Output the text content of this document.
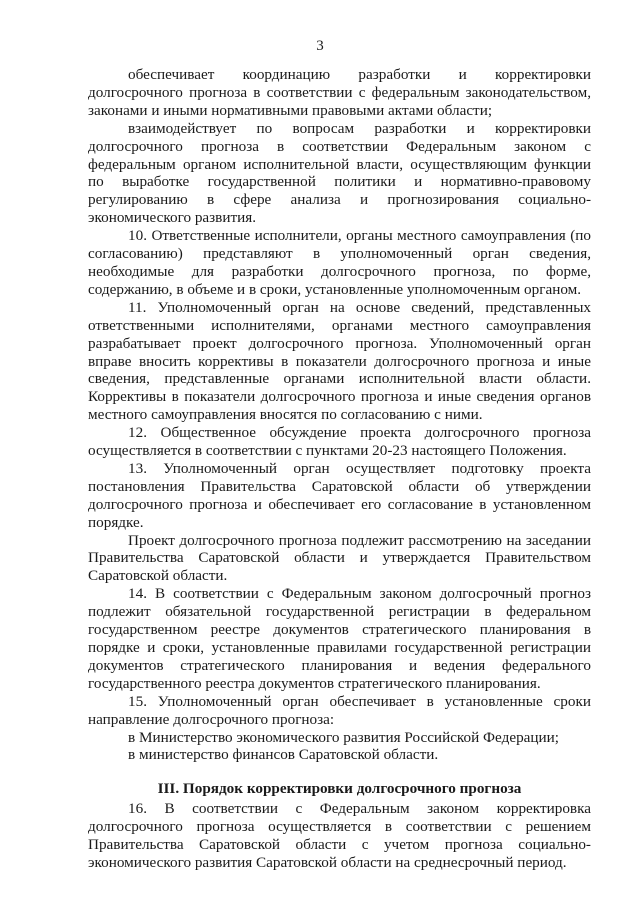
3

обеспечивает координацию разработки и корректировки долгосрочного прогноза в соответствии с федеральным законодательством, законами и иными нормативными правовыми актами области;

взаимодействует по вопросам разработки и корректировки долгосрочного прогноза в соответствии Федеральным законом с федеральным органом исполнительной власти, осуществляющим функции по выработке государственной политики и нормативно-правовому регулированию в сфере анализа и прогнозирования социально-экономического развития.

10. Ответственные исполнители, органы местного самоуправления (по согласованию) представляют в уполномоченный орган сведения, необходимые для разработки долгосрочного прогноза, по форме, содержанию, в объеме и в сроки, установленные уполномоченным органом.

11. Уполномоченный орган на основе сведений, представленных ответственными исполнителями, органами местного самоуправления разрабатывает проект долгосрочного прогноза. Уполномоченный орган вправе вносить коррективы в показатели долгосрочного прогноза и иные сведения, представленные органами исполнительной власти области. Коррективы в показатели долгосрочного прогноза и иные сведения органов местного самоуправления вносятся по согласованию с ними.

12. Общественное обсуждение проекта долгосрочного прогноза осуществляется в соответствии с пунктами 20-23 настоящего Положения.

13. Уполномоченный орган осуществляет подготовку проекта постановления Правительства Саратовской области об утверждении долгосрочного прогноза и обеспечивает его согласование в установленном порядке.

Проект долгосрочного прогноза подлежит рассмотрению на заседании Правительства Саратовской области и утверждается Правительством Саратовской области.

14. В соответствии с Федеральным законом долгосрочный прогноз подлежит обязательной государственной регистрации в федеральном государственном реестре документов стратегического планирования в порядке и сроки, установленные правилами государственной регистрации документов стратегического планирования и ведения федерального государственного реестра документов стратегического планирования.

15. Уполномоченный орган обеспечивает в установленные сроки направление долгосрочного прогноза:

в Министерство экономического развития Российской Федерации;

в министерство финансов Саратовской области.

III. Порядок корректировки долгосрочного прогноза

16. В соответствии с Федеральным законом корректировка долгосрочного прогноза осуществляется в соответствии с решением Правительства Саратовской области с учетом прогноза социально-экономического развития Саратовской области на среднесрочный период.
